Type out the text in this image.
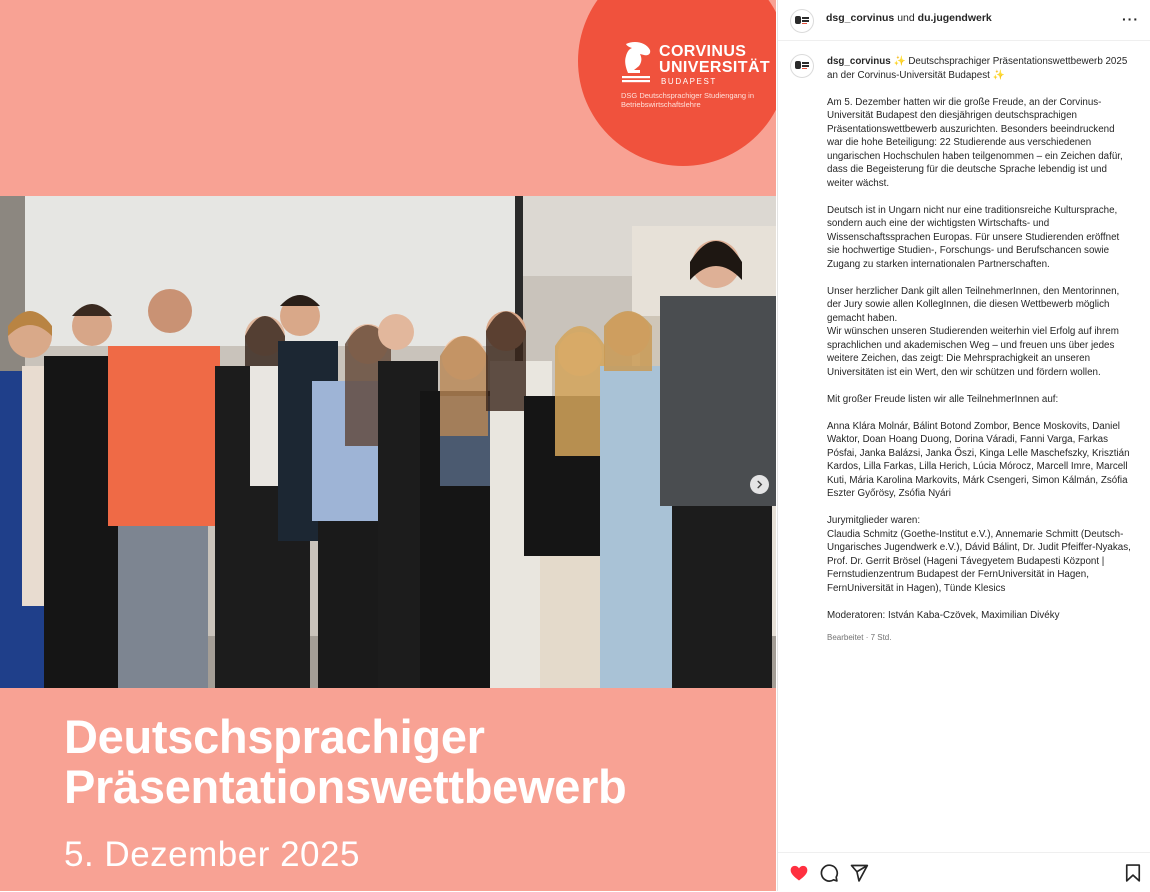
CORVINUS
UNIVERSITÄT
BUDAPEST
DSG Deutschsprachiger Studiengang in Betriebswirtschaftslehre
Deutschsprachiger
Präsentationswettbewerb
5. Dezember 2025
dsg_corvinus und du.jugendwerk	···

dsg_corvinus ✨ Deutschsprachiger Präsentationswettbewerb 2025 an der Corvinus-Universität Budapest ✨

Am 5. Dezember hatten wir die große Freude, an der Corvinus-Universität Budapest den diesjährigen deutschsprachigen Präsentationswettbewerb auszurichten. Besonders beeindruckend war die hohe Beteiligung: 22 Studierende aus verschiedenen ungarischen Hochschulen haben teilgenommen – ein Zeichen dafür, dass die Begeisterung für die deutsche Sprache lebendig ist und weiter wächst.

Deutsch ist in Ungarn nicht nur eine traditionsreiche Kultursprache, sondern auch eine der wichtigsten Wirtschafts- und Wissenschaftssprachen Europas. Für unsere Studierenden eröffnet sie hochwertige Studien-, Forschungs- und Berufschancen sowie Zugang zu starken internationalen Partnerschaften.

Unser herzlicher Dank gilt allen TeilnehmerInnen, den Mentorinnen, der Jury sowie allen KollegInnen, die diesen Wettbewerb möglich gemacht haben.
Wir wünschen unseren Studierenden weiterhin viel Erfolg auf ihrem sprachlichen und akademischen Weg – und freuen uns über jedes weitere Zeichen, das zeigt: Die Mehrsprachigkeit an unseren Universitäten ist ein Wert, den wir schützen und fördern wollen.

Mit großer Freude listen wir alle TeilnehmerInnen auf:

Anna Klára Molnár, Bálint Botond Zombor, Bence Moskovits, Daniel Waktor, Doan Hoang Duong, Dorina Váradi, Fanni Varga, Farkas Pósfai, Janka Balázsi, Janka Őszi, Kinga Lelle Maschefszky, Krisztián Kardos, Lilla Farkas, Lilla Herich, Lúcia Mórocz, Marcell Imre, Marcell Kuti, Mária Karolina Markovits, Márk Csengeri, Simon Kálmán, Zsófia Eszter Győrösy, Zsófia Nyári

Jurymitglieder waren:
Claudia Schmitz (Goethe-Institut e.V.), Annemarie Schmitt (Deutsch-Ungarisches Jugendwerk e.V.), Dávid Bálint, Dr. Judit Pfeiffer-Nyakas, Prof. Dr. Gerrit Brösel (Hageni Távegyetem Budapesti Központ | Fernstudienzentrum Budapest der FernUniversität in Hagen, FernUniversität in Hagen), Tünde Klesics

Moderatoren: István Kaba-Czövek, Maximilian Divéky

Bearbeitet · 7 Std.
